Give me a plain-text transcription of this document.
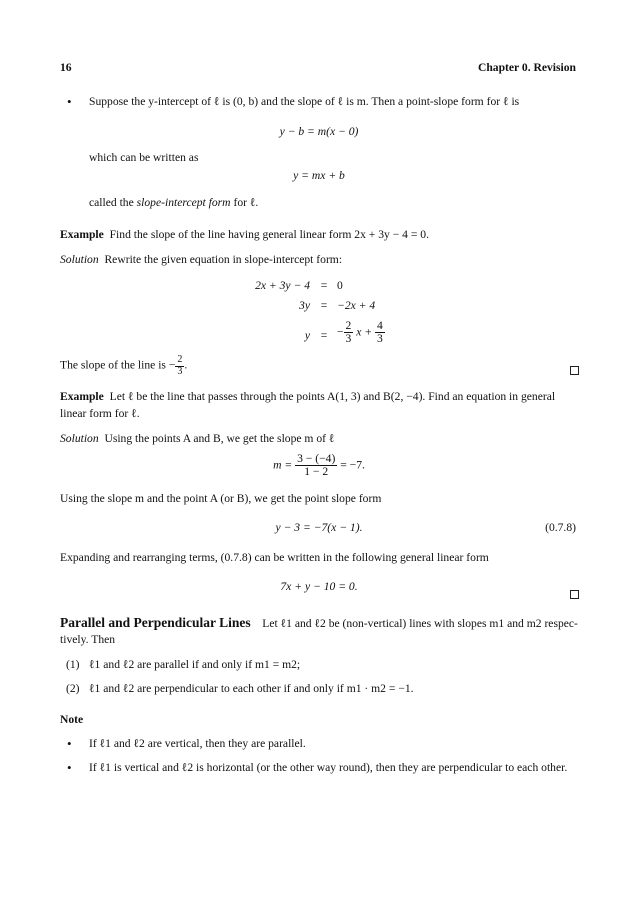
16	Chapter 0. Revision
• Suppose the y-intercept of ℓ is (0, b) and the slope of ℓ is m. Then a point-slope form for ℓ is
y − b = m(x − 0)
which can be written as
y = mx + b
called the slope-intercept form for ℓ.
Example Find the slope of the line having general linear form 2x + 3y − 4 = 0.
Solution Rewrite the given equation in slope-intercept form:
2x + 3y − 4 = 0
3y = −2x + 4
y = − $\frac{2}{3}$ $x + \frac{4}{3}$
The slope of the line is − $\frac{2}{3}$ .
Example Let ℓ be the line that passes through the points A(1, 3) and B(2, −4). Find an equation in general
linear form for ℓ.
Solution Using the points A and B, we get the slope m of ℓ
$m = \frac{3 - (-4)}{1 - 2} = -7$.
Using the slope m and the point A (or B), we get the point slope form
y − 3 = −7(x − 1).	(0.7.8)
Expanding and rearranging terms, (0.7.8) can be written in the following general linear form
7x + y − 10 = 0.
Parallel and Perpendicular Lines Let ℓ1 and ℓ2 be (non-vertical) lines with slopes m1 and m2 respec-
tively. Then
(1) ℓ1 and ℓ2 are parallel if and only if m1 = m2;
(2) ℓ1 and ℓ2 are perpendicular to each other if and only if m1 · m2 = −1.
Note
• If ℓ1 and ℓ2 are vertical, then they are parallel.
• If ℓ1 is vertical and ℓ2 is horizontal (or the other way round), then they are perpendicular to each other.
